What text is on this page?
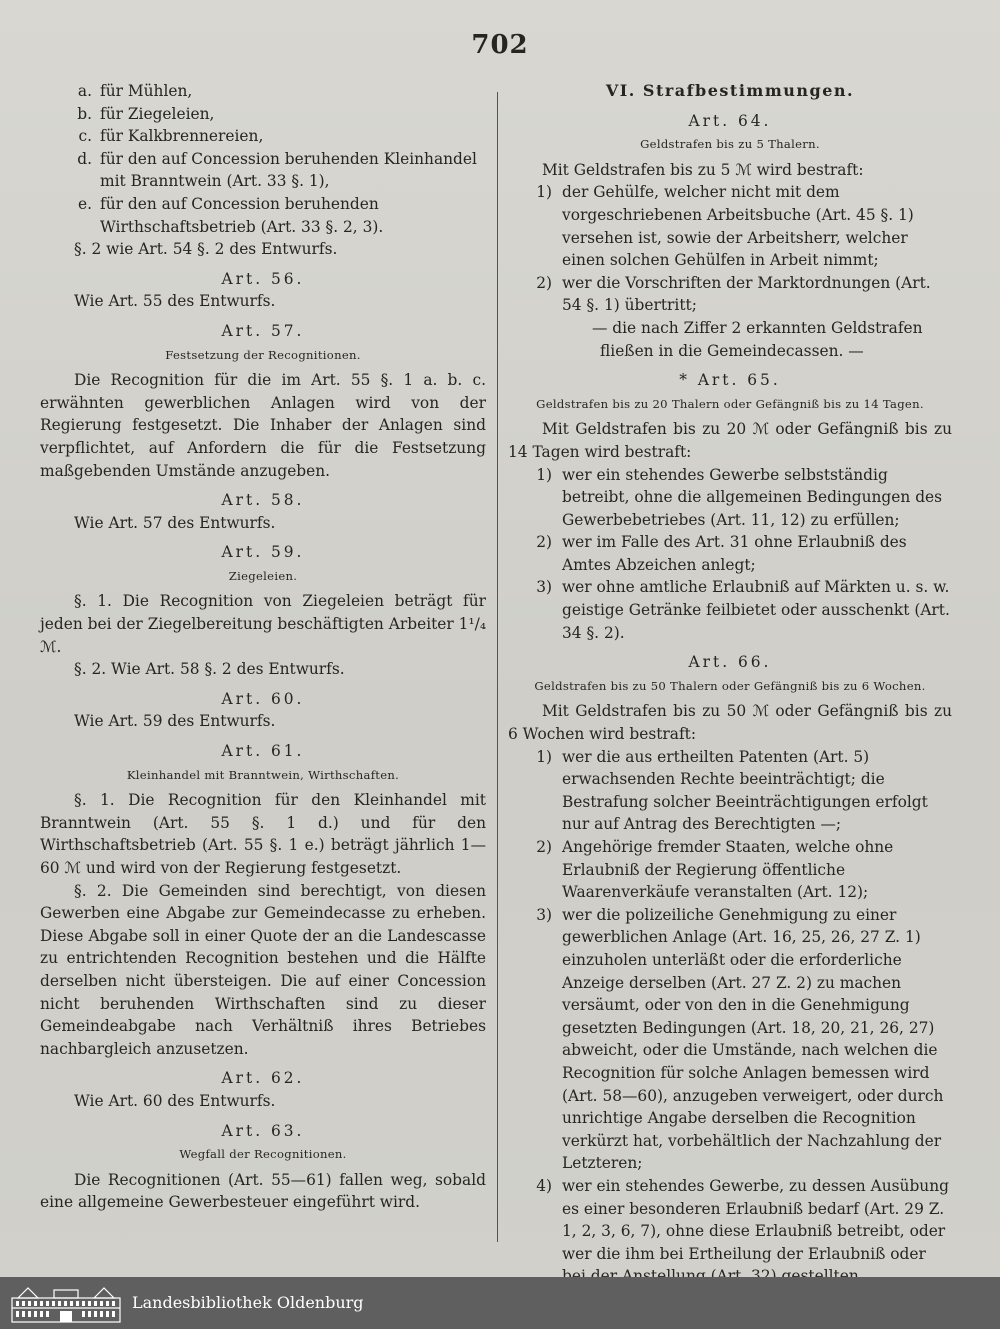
702
a. für Mühlen,
b. für Ziegeleien,
c. für Kalkbrennereien,
d. für den auf Concession beruhenden Kleinhandel mit Branntwein (Art. 33 §. 1),
e. für den auf Concession beruhenden Wirthschaftsbetrieb (Art. 33 §. 2, 3).

§. 2 wie Art. 54 §. 2 des Entwurfs.

Art. 56.

Wie Art. 55 des Entwurfs.

Art. 57.
Festsetzung der Recognitionen.

Die Recognition für die im Art. 55 §. 1 a. b. c. erwähnten gewerblichen Anlagen wird von der Regierung festgesetzt. Die Inhaber der Anlagen sind verpflichtet, auf Anfordern die für die Festsetzung maßgebenden Umstände anzugeben.

Art. 58.

Wie Art. 57 des Entwurfs.

Art. 59.
Ziegeleien.

§. 1. Die Recognition von Ziegeleien beträgt für jeden bei der Ziegelbereitung beschäftigten Arbeiter 1¹/₄ ℳ.

§. 2. Wie Art. 58 §. 2 des Entwurfs.

Art. 60.

Wie Art. 59 des Entwurfs.

Art. 61.
Kleinhandel mit Branntwein, Wirthschaften.

§. 1. Die Recognition für den Kleinhandel mit Branntwein (Art. 55 §. 1 d.) und für den Wirthschaftsbetrieb (Art. 55 §. 1 e.) beträgt jährlich 1—60 ℳ und wird von der Regierung festgesetzt.

§. 2. Die Gemeinden sind berechtigt, von diesen Gewerben eine Abgabe zur Gemeindecasse zu erheben. Diese Abgabe soll in einer Quote der an die Landescasse zu entrichtenden Recognition bestehen und die Hälfte derselben nicht übersteigen. Die auf einer Concession nicht beruhenden Wirthschaften sind zu dieser Gemeindeabgabe nach Verhältniß ihres Betriebes nachbargleich anzusetzen.

Art. 62.

Wie Art. 60 des Entwurfs.

Art. 63.
Wegfall der Recognitionen.

Die Recognitionen (Art. 55—61) fallen weg, sobald eine allgemeine Gewerbesteuer eingeführt wird.

VI. Strafbestimmungen.
Art. 64.
Geldstrafen bis zu 5 Thalern.

Mit Geldstrafen bis zu 5 ℳ wird bestraft:

1) der Gehülfe, welcher nicht mit dem vorgeschriebenen Arbeitsbuche (Art. 45 §. 1) versehen ist, sowie der Arbeitsherr, welcher einen solchen Gehülfen in Arbeit nimmt;
2) wer die Vorschriften der Marktordnungen (Art. 54 §. 1) übertritt;

— die nach Ziffer 2 erkannten Geldstrafen fließen in die Gemeindecassen. —

* Art. 65.
Geldstrafen bis zu 20 Thalern oder Gefängniß bis zu 14 Tagen.

Mit Geldstrafen bis zu 20 ℳ oder Gefängniß bis zu 14 Tagen wird bestraft:

1) wer ein stehendes Gewerbe selbstständig betreibt, ohne die allgemeinen Bedingungen des Gewerbebetriebes (Art. 11, 12) zu erfüllen;
2) wer im Falle des Art. 31 ohne Erlaubniß des Amtes Abzeichen anlegt;
3) wer ohne amtliche Erlaubniß auf Märkten u. s. w. geistige Getränke feilbietet oder ausschenkt (Art. 34 §. 2).
Art. 66.
Geldstrafen bis zu 50 Thalern oder Gefängniß bis zu 6 Wochen.

Mit Geldstrafen bis zu 50 ℳ oder Gefängniß bis zu 6 Wochen wird bestraft:

1) wer die aus ertheilten Patenten (Art. 5) erwachsenden Rechte beeinträchtigt; die Bestrafung solcher Beeinträchtigungen erfolgt nur auf Antrag des Berechtigten —;
2) Angehörige fremder Staaten, welche ohne Erlaubniß der Regierung öffentliche Waarenverkäufe veranstalten (Art. 12);
3) wer die polizeiliche Genehmigung zu einer gewerblichen Anlage (Art. 16, 25, 26, 27 Z. 1) einzuholen unterläßt oder die erforderliche Anzeige derselben (Art. 27 Z. 2) zu machen versäumt, oder von den in die Genehmigung gesetzten Bedingungen (Art. 18, 20, 21, 26, 27) abweicht, oder die Umstände, nach welchen die Recognition für solche Anlagen bemessen wird (Art. 58—60), anzugeben verweigert, oder durch unrichtige Angabe derselben die Recognition verkürzt hat, vorbehältlich der Nachzahlung der Letzteren;
4) wer ein stehendes Gewerbe, zu dessen Ausübung es einer besonderen Erlaubniß bedarf (Art. 29 Z. 1, 2, 3, 6, 7), ohne diese Erlaubniß betreibt, oder wer die ihm bei Ertheilung der Erlaubniß oder
Landesbibliothek Oldenburg
